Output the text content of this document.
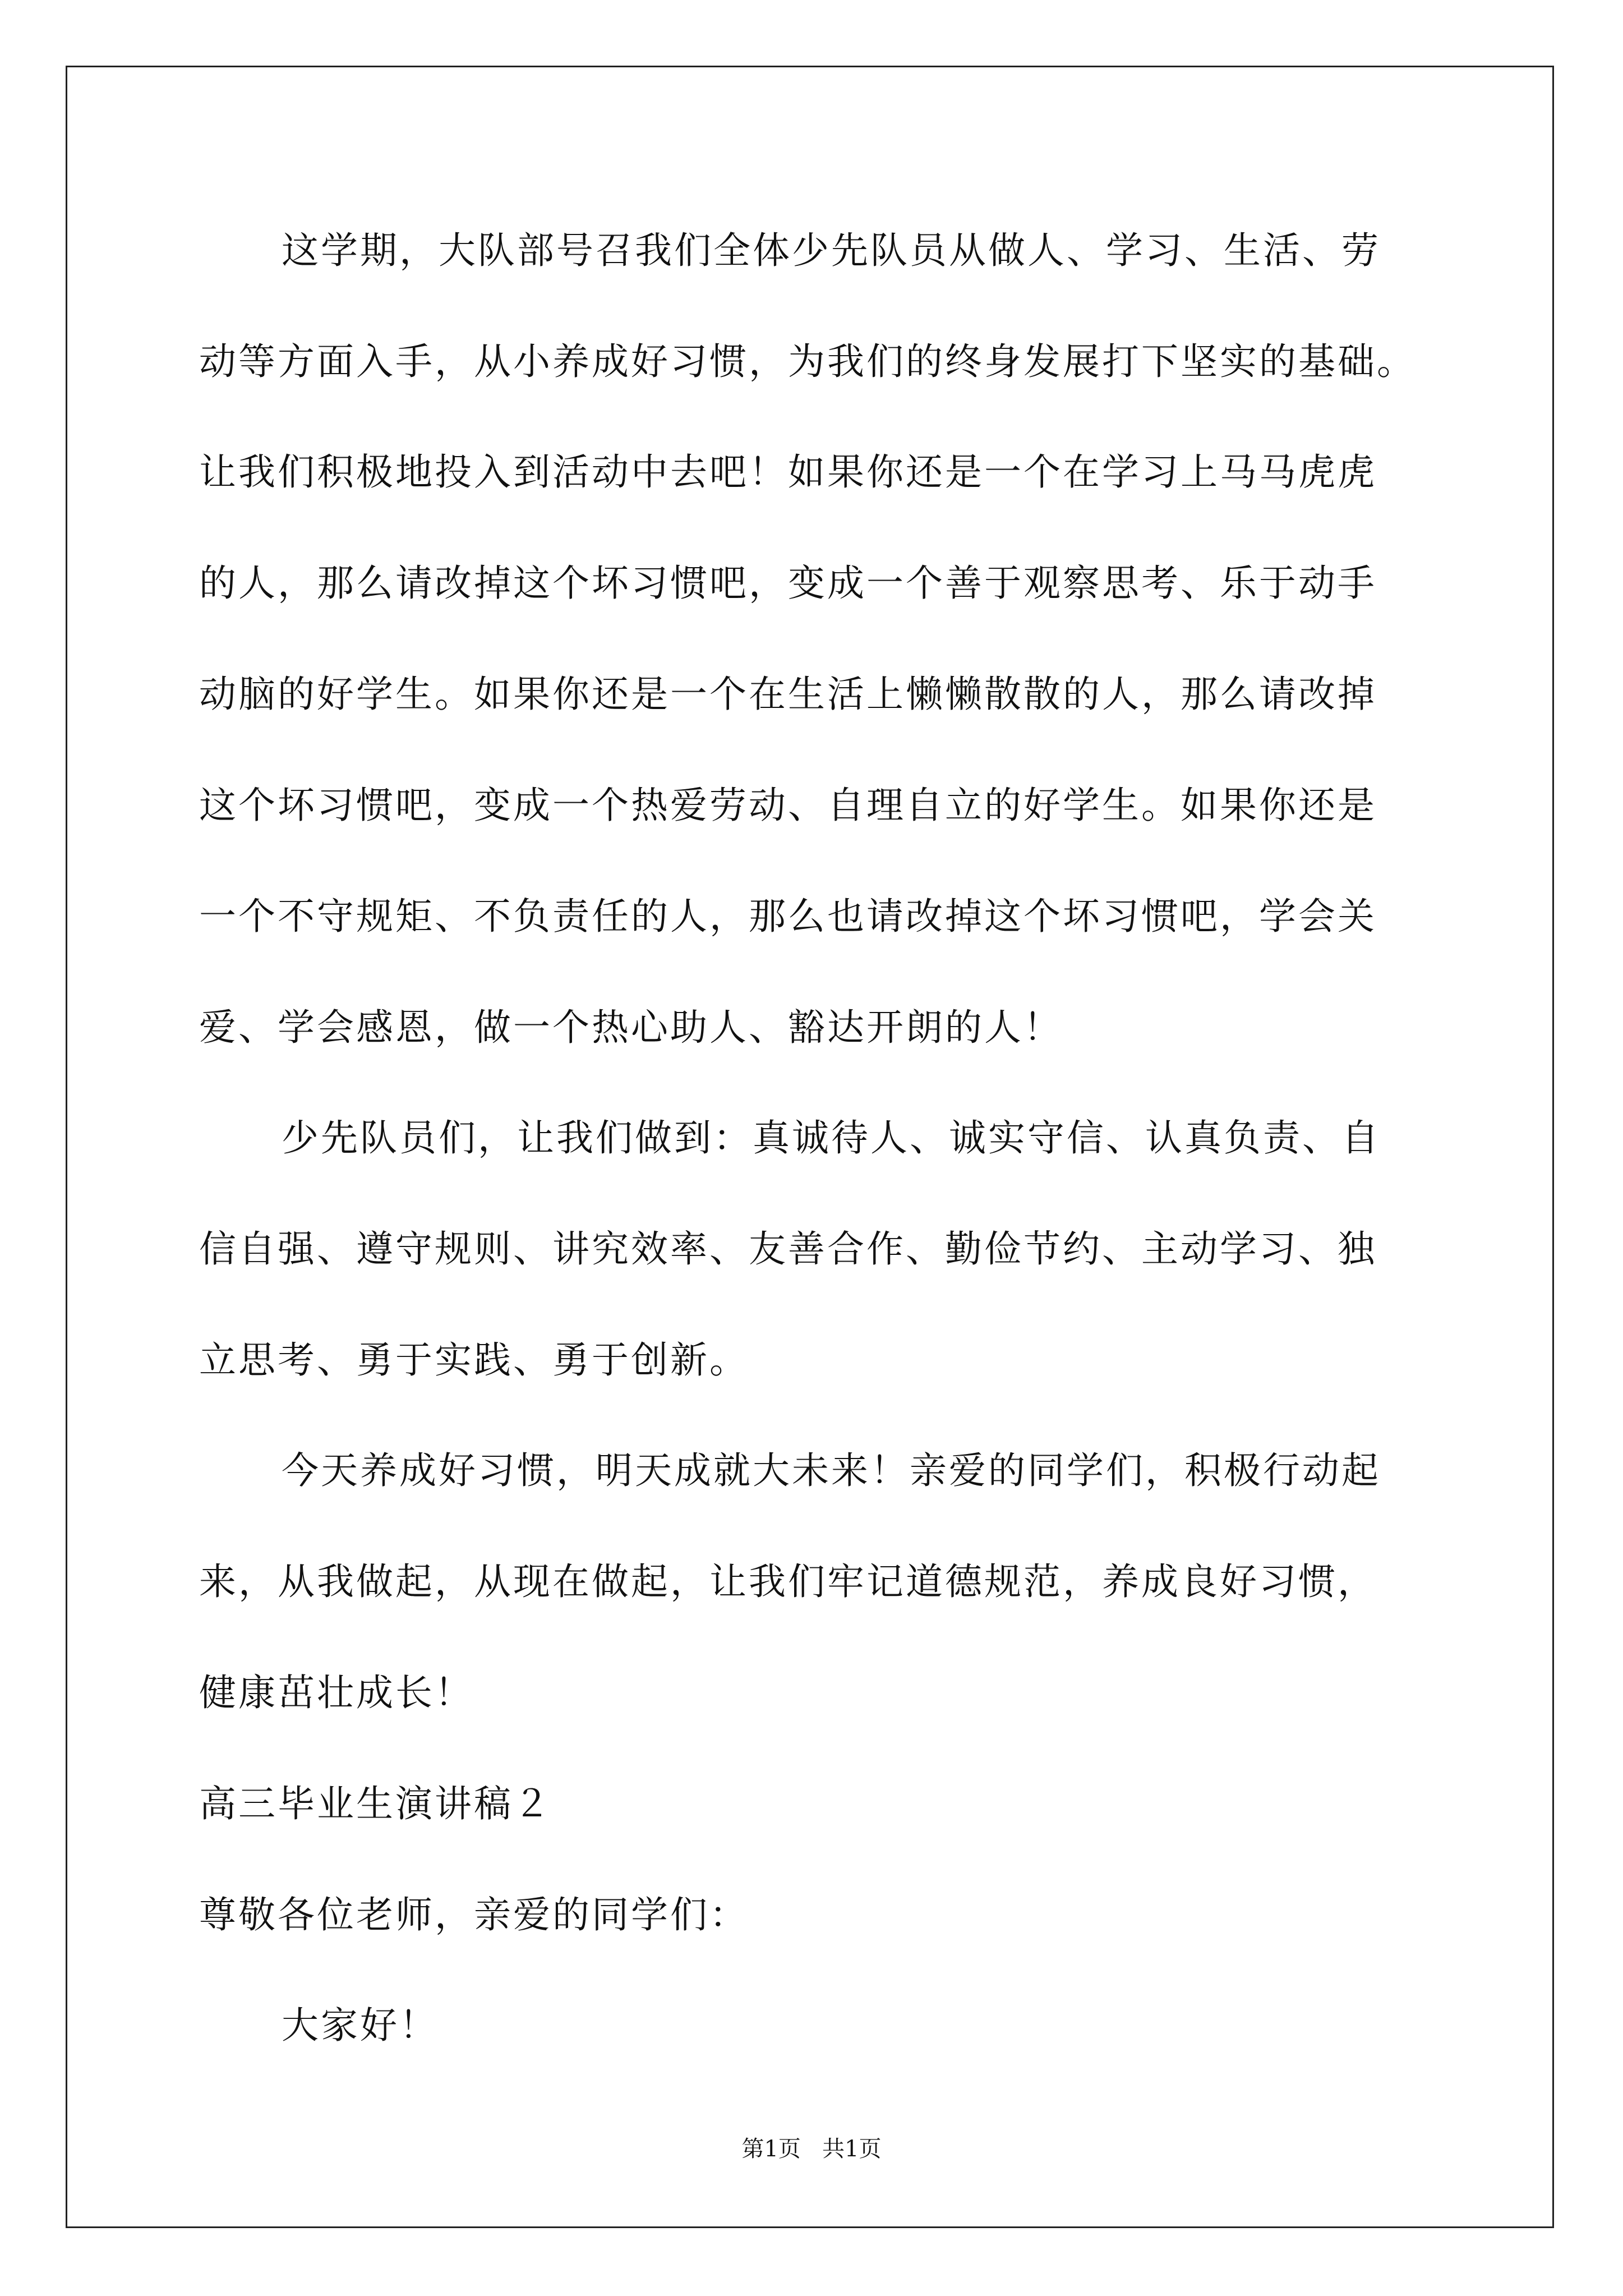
这学期，大队部号召我们全体少先队员从做人、学习、生活、劳
动等方面入手，从小养成好习惯，为我们的终身发展打下坚实的基础。
让我们积极地投入到活动中去吧！如果你还是一个在学习上马马虎虎
的人，那么请改掉这个坏习惯吧，变成一个善于观察思考、乐于动手
动脑的好学生。如果你还是一个在生活上懒懒散散的人，那么请改掉
这个坏习惯吧，变成一个热爱劳动、自理自立的好学生。如果你还是
一个不守规矩、不负责任的人，那么也请改掉这个坏习惯吧，学会关
爱、学会感恩，做一个热心助人、豁达开朗的人！
少先队员们，让我们做到：真诚待人、诚实守信、认真负责、自
信自强、遵守规则、讲究效率、友善合作、勤俭节约、主动学习、独
立思考、勇于实践、勇于创新。
今天养成好习惯，明天成就大未来！亲爱的同学们，积极行动起
来，从我做起，从现在做起，让我们牢记道德规范，养成良好习惯，
健康茁壮成长！
高三毕业生演讲稿２
尊敬各位老师，亲爱的同学们：
大家好！
第1页   共1页
